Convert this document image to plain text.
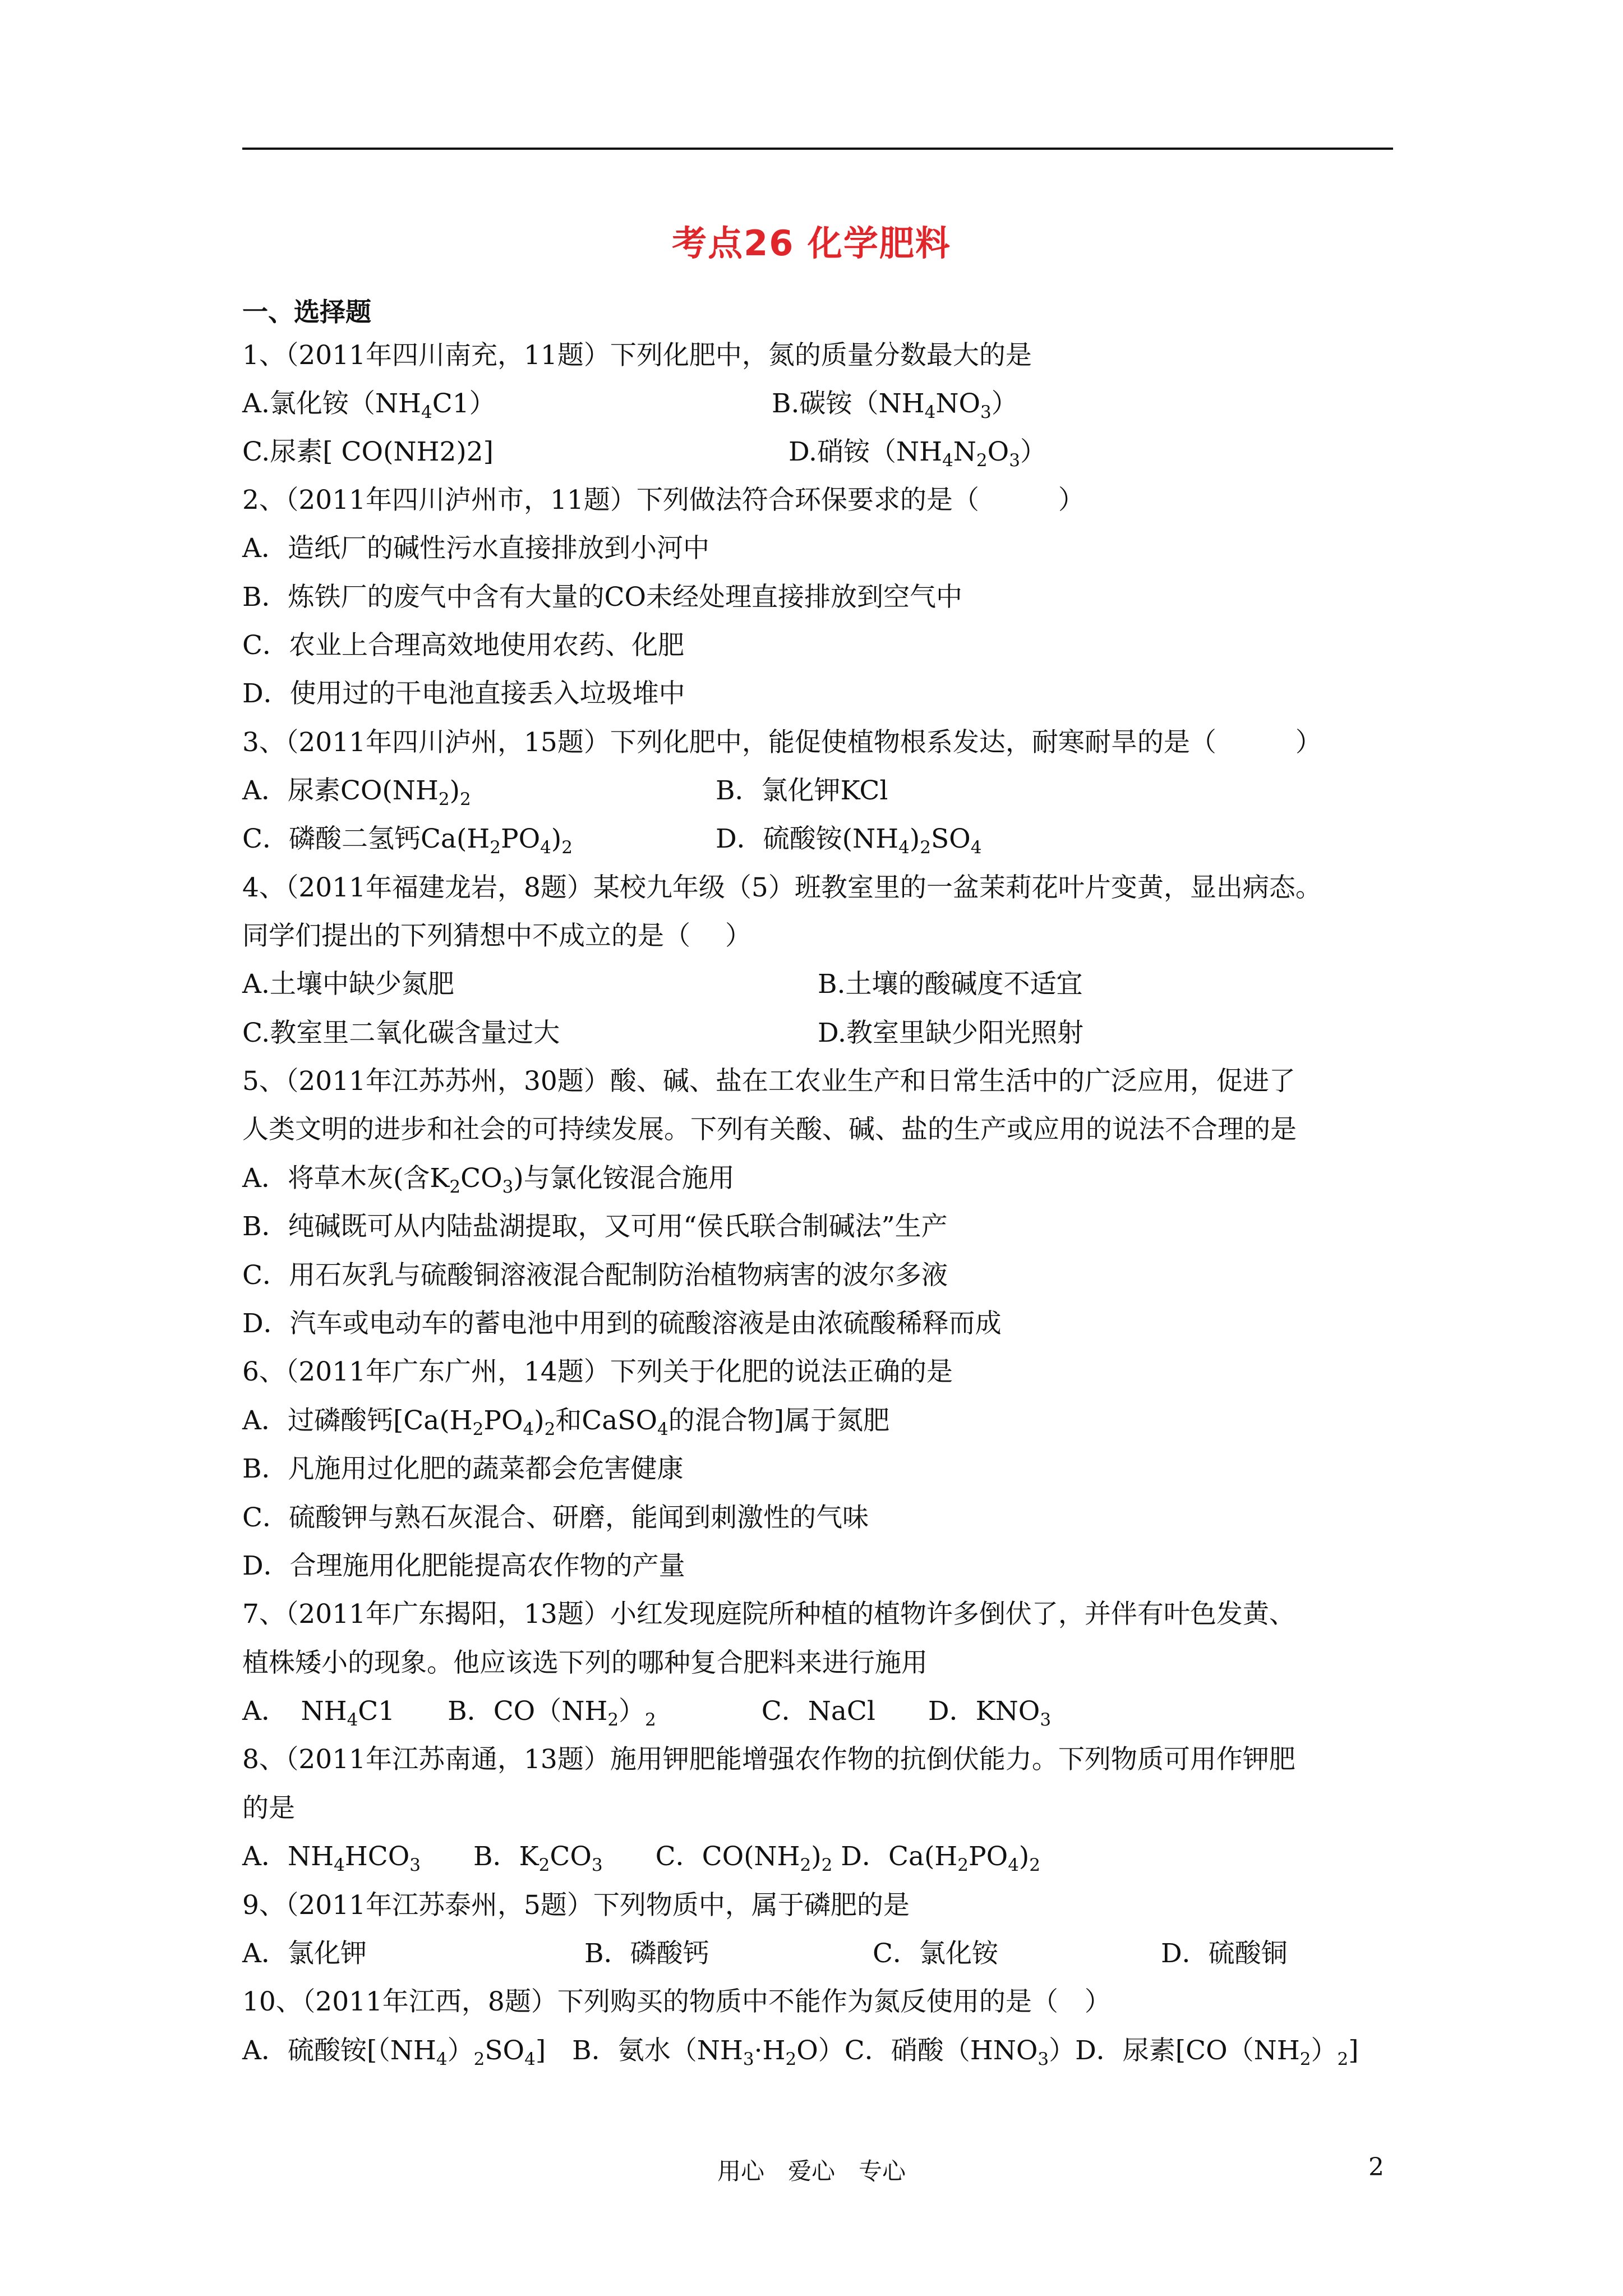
考点26 化学肥料
一、选择题
1、（2011年四川南充，11题）下列化肥中，氮的质量分数最大的是
A.氯化铵$(NH_4C1)$	B.碳铵$(NH_4NO_3)$
C.尿素[ CO(NH2)2]	D.硝铵$(NH_4N_2O_3)$
2、（2011年四川泸州市，11题）下列做法符合环保要求的是（　　　）
A．造纸厂的碱性污水直接排放到小河中
B．炼铁厂的废气中含有大量的CO未经处理直接排放到空气中
C．农业上合理高效地使用农药、化肥
D．使用过的干电池直接丢入垃圾堆中
3、（2011年四川泸州，15题）下列化肥中，能促使植物根系发达，耐寒耐旱的是（　　　）
A．尿素$CO(NH_2)_2$	B．氯化钾KCl
C．磷酸二氢钙$Ca(H_2PO_4)_2$	D．硫酸铵$(NH_4)_2SO_4$
4、（2011年福建龙岩，8题）某校九年级（5）班教室里的一盆茉莉花叶片变黄，显出病态。
同学们提出的下列猜想中不成立的是（　 ）
A.土壤中缺少氮肥	B.土壤的酸碱度不适宜
C.教室里二氧化碳含量过大	D.教室里缺少阳光照射
5、（2011年江苏苏州，30题）酸、碱、盐在工农业生产和日常生活中的广泛应用，促进了
人类文明的进步和社会的可持续发展。下列有关酸、碱、盐的生产或应用的说法不合理的是
A．将草木灰(含$K_2CO_3$)与氯化铵混合施用
B．纯碱既可从内陆盐湖提取，又可用“侯氏联合制碱法”生产
C．用石灰乳与硫酸铜溶液混合配制防治植物病害的波尔多液
D．汽车或电动车的蓄电池中用到的硫酸溶液是由浓硫酸稀释而成
6、（2011年广东广州，14题）下列关于化肥的说法正确的是
A．过磷酸钙[$Ca(H_2PO_4)_2$和CaSO$_4$的混合物]属于氮肥
B．凡施用过化肥的蔬菜都会危害健康
C．硫酸钾与熟石灰混合、研磨，能闻到刺激性的气味
D．合理施用化肥能提高农作物的产量
7、（2011年广东揭阳，13题）小红发现庭院所种植的植物许多倒伏了，并伴有叶色发黄、
植株矮小的现象。他应该选下列的哪种复合肥料来进行施用
A．　$NH_4C1$　　B．$CO(NH_2)_2$　　　　C．NaCl　　D．$KNO_3$
8、（2011年江苏南通，13题）施用钾肥能增强农作物的抗倒伏能力。下列物质可用作钾肥
的是
A．$NH_4HCO_3$　　B．$K_2CO_3$　　C．$CO(NH_2)_2$ D．$Ca(H_2PO_4)_2$
9、（2011年江苏泰州，5题）下列物质中，属于磷肥的是
A．氯化钾	B．磷酸钙	C．氯化铵	D．硫酸铜
10、（2011年江西，8题）下列购买的物质中不能作为氮反使用的是（　）
A．硫酸铵$[(NH_4)_2SO_4]$　B．氨水$(NH_3\cdot H_2O)C$．硝酸$(HNO_3)D$．尿素$[CO(NH_2)_2]$
用心　爱心　专心	2
